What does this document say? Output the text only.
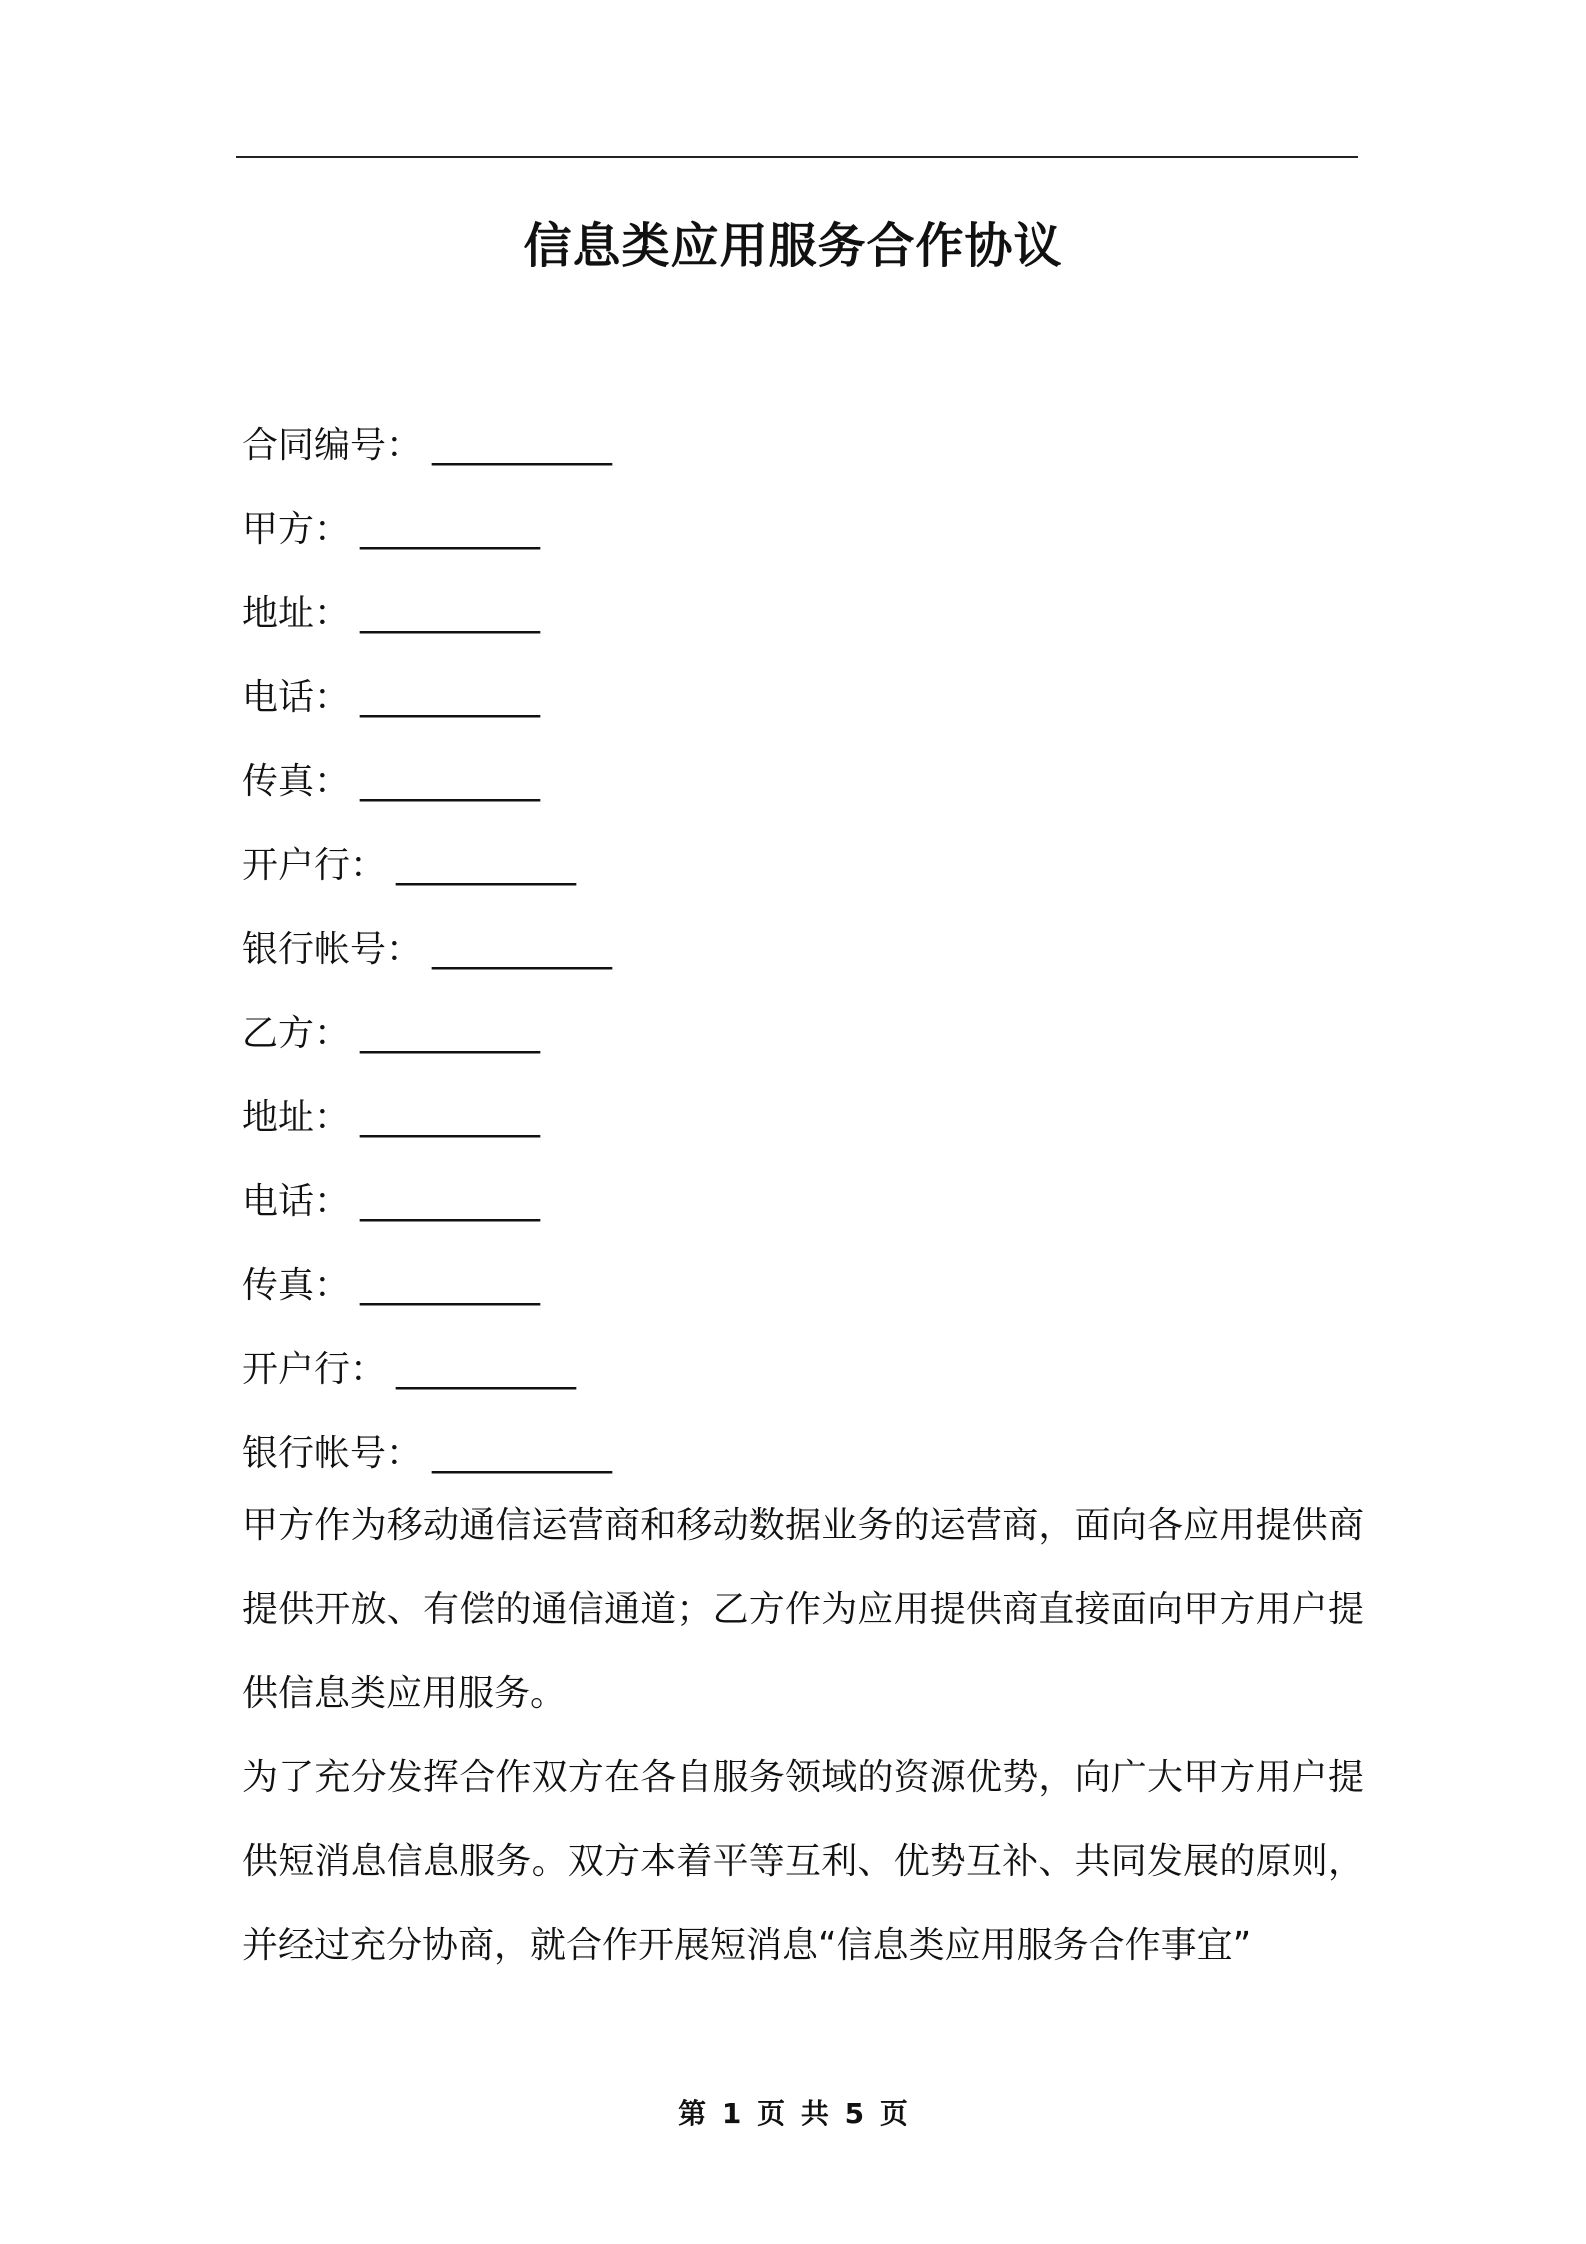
信息类应用服务合作协议
合同编号： __________
甲方： __________
地址： __________
电话： __________
传真： __________
开户行： __________
银行帐号： __________
乙方： __________
地址： __________
电话： __________
传真： __________
开户行： __________
银行帐号： __________

甲方作为移动通信运营商和移动数据业务的运营商，面向各应用提供商提供开放、有偿的通信通道；乙方作为应用提供商直接面向甲方用户提供信息类应用服务。

为了充分发挥合作双方在各自服务领域的资源优势，向广大甲方用户提供短消息信息服务。双方本着平等互利、优势互补、共同发展的原则，并经过充分协商，就合作开展短消息“信息类应用服务合作事宜”

第 1 页 共 5 页
